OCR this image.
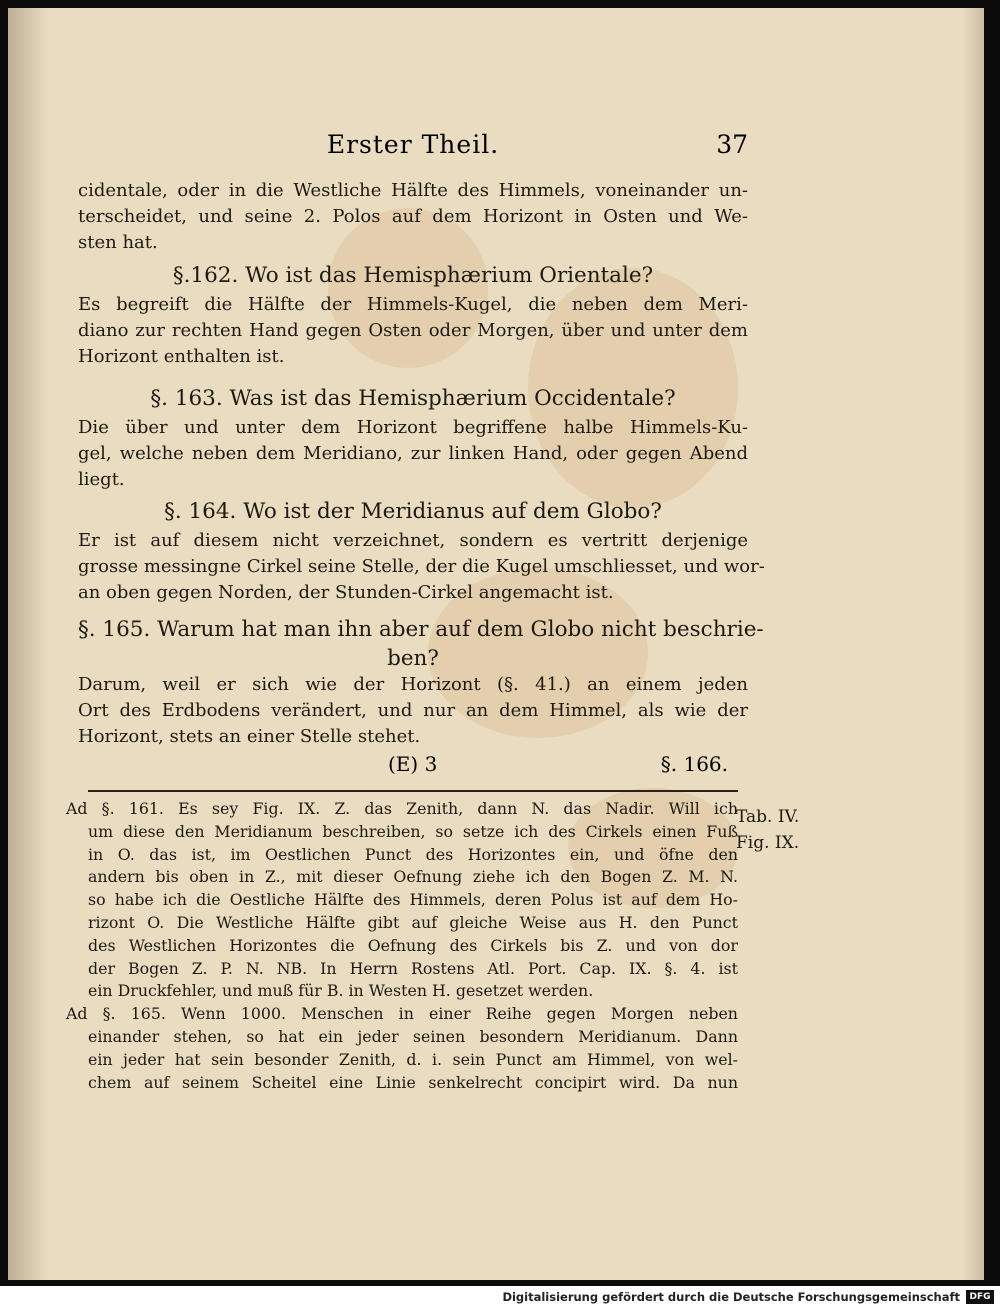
Erster Theil.	37
cidentale, oder in die Westliche Hälfte des Himmels, voneinander un-
terscheidet, und seine 2. Polos auf dem Horizont in Osten und We-
sten hat.
§.162. Wo ist das Hemisphærium Orientale?
Es begreift die Hälfte der Himmels-Kugel, die neben dem Meri-
diano zur rechten Hand gegen Osten oder Morgen, über und unter dem
Horizont enthalten ist.
§. 163. Was ist das Hemisphærium Occidentale?
Die über und unter dem Horizont begriffene halbe Himmels-Ku-
gel, welche neben dem Meridiano, zur linken Hand, oder gegen Abend
liegt.
§. 164. Wo ist der Meridianus auf dem Globo?
Er ist auf diesem nicht verzeichnet, sondern es vertritt derjenige
grosse messingne Cirkel seine Stelle, der die Kugel umschliesset, und wor-
an oben gegen Norden, der Stunden-Cirkel angemacht ist.
§. 165. Warum hat man ihn aber auf dem Globo nicht beschrie-
ben?
Darum, weil er sich wie der Horizont (§. 41.) an einem jeden
Ort des Erdbodens verändert, und nur an dem Himmel, als wie der
Horizont, stets an einer Stelle stehet.
(E) 3	§. 166.
Ad §. 161. Es sey Fig. IX. Z. das Zenith, dann N. das Nadir. Will ich
um diese den Meridianum beschreiben, so setze ich des Cirkels einen Fuß
in O. das ist, im Oestlichen Punct des Horizontes ein, und öfne den
andern bis oben in Z., mit dieser Oefnung ziehe ich den Bogen Z. M. N.
so habe ich die Oestliche Hälfte des Himmels, deren Polus ist auf dem Ho-
rizont O. Die Westliche Hälfte gibt auf gleiche Weise aus H. den Punct
des Westlichen Horizontes die Oefnung des Cirkels bis Z. und von dor
der Bogen Z. P. N. NB. In Herrn Rostens Atl. Port. Cap. IX. §. 4. ist
ein Druckfehler, und muß für B. in Westen H. gesetzet werden.
Ad §. 165. Wenn 1000. Menschen in einer Reihe gegen Morgen neben
einander stehen, so hat ein jeder seinen besondern Meridianum. Dann
ein jeder hat sein besonder Zenith, d. i. sein Punct am Himmel, von wel-
chem auf seinem Scheitel eine Linie senkelrecht concipirt wird. Da nun
Tab. IV.
Fig. IX.
Digitalisierung gefördert durch die Deutsche Forschungsgemeinschaft	DFG
